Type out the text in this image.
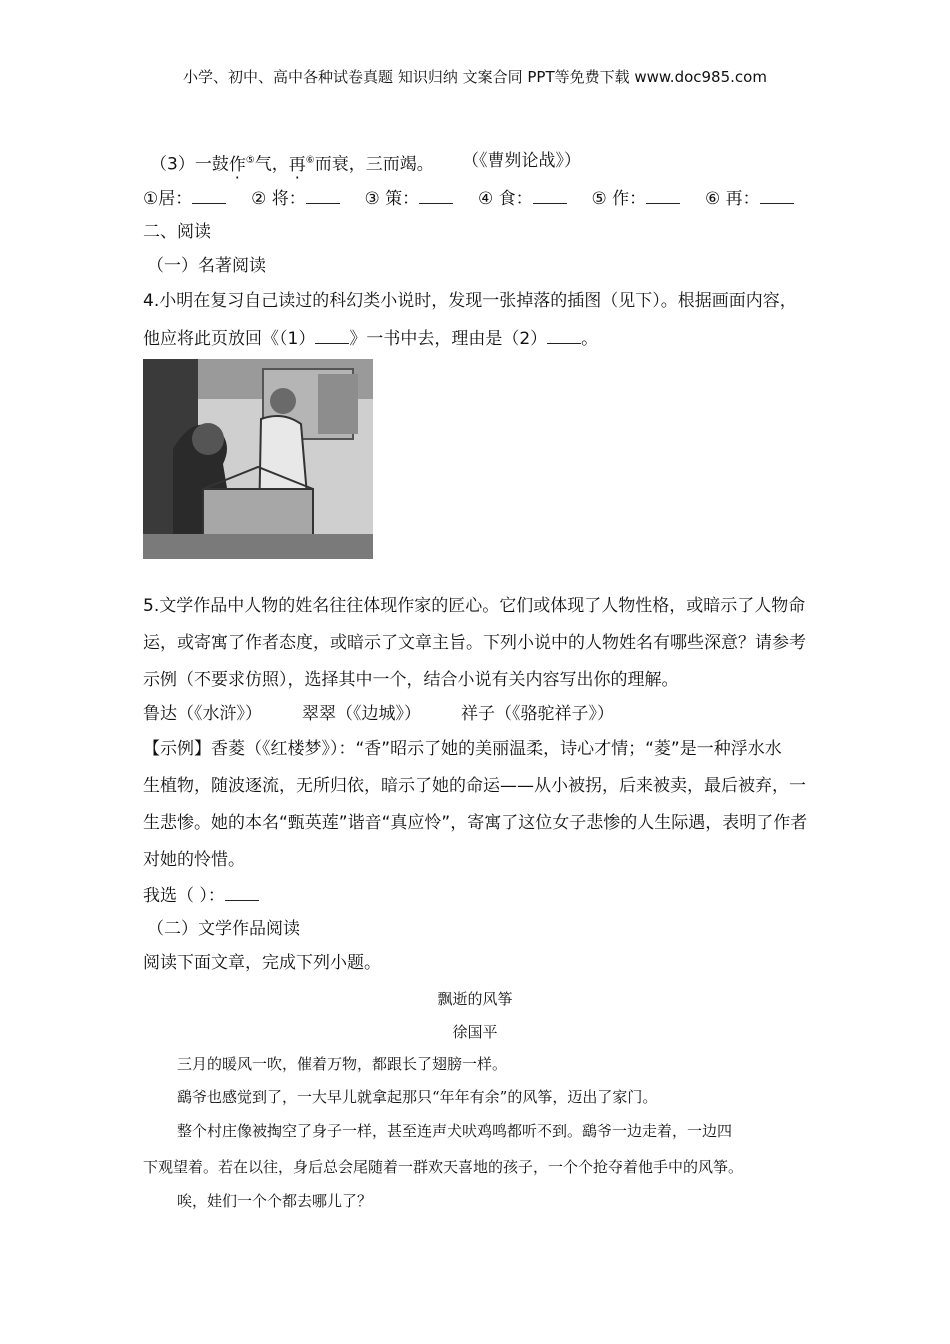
小学、初中、高中各种试卷真题 知识归纳 文案合同 PPT等免费下载 www.doc985.com
（3）一鼓作⑤气，再⑥而衰，三而竭。 （《曹刿论战》）
①居：	② 将：	③ 策：	④ 食：	⑤ 作：	⑥ 再：
二、阅读
（一）名著阅读
4.小明在复习自己读过的科幻类小说时，发现一张掉落的插图（见下）。根据画面内容，
他应将此页放回《（1） 》一书中去，理由是（2） 。
5.文学作品中人物的姓名往往体现作家的匠心。它们或体现了人物性格，或暗示了人物命
运，或寄寓了作者态度，或暗示了文章主旨。下列小说中的人物姓名有哪些深意？请参考
示例（不要求仿照），选择其中一个，结合小说有关内容写出你的理解。
鲁达（《水浒》） 翠翠（《边城》） 祥子（《骆驼祥子》）
【示例】香菱（《红楼梦》）：“香”昭示了她的美丽温柔，诗心才情；“菱”是一种浮水水
生植物，随波逐流，无所归依，暗示了她的命运——从小被拐，后来被卖，最后被弃，一
生悲惨。她的本名“甄英莲”谐音“真应怜”，寄寓了这位女子悲惨的人生际遇，表明了作者
对她的怜惜。
我选（ ）：
（二）文学作品阅读
阅读下面文章，完成下列小题。
飘逝的风筝
徐国平
三月的暖风一吹，催着万物，都跟长了翅膀一样。
鷂爷也感觉到了，一大早儿就拿起那只“年年有余”的风筝，迈出了家门。
整个村庄像被掏空了身子一样，甚至连声犬吠鸡鸣都听不到。鷂爷一边走着，一边四
下观望着。若在以往，身后总会尾随着一群欢天喜地的孩子，一个个抢夺着他手中的风筝。
唉，娃们一个个都去哪儿了？
